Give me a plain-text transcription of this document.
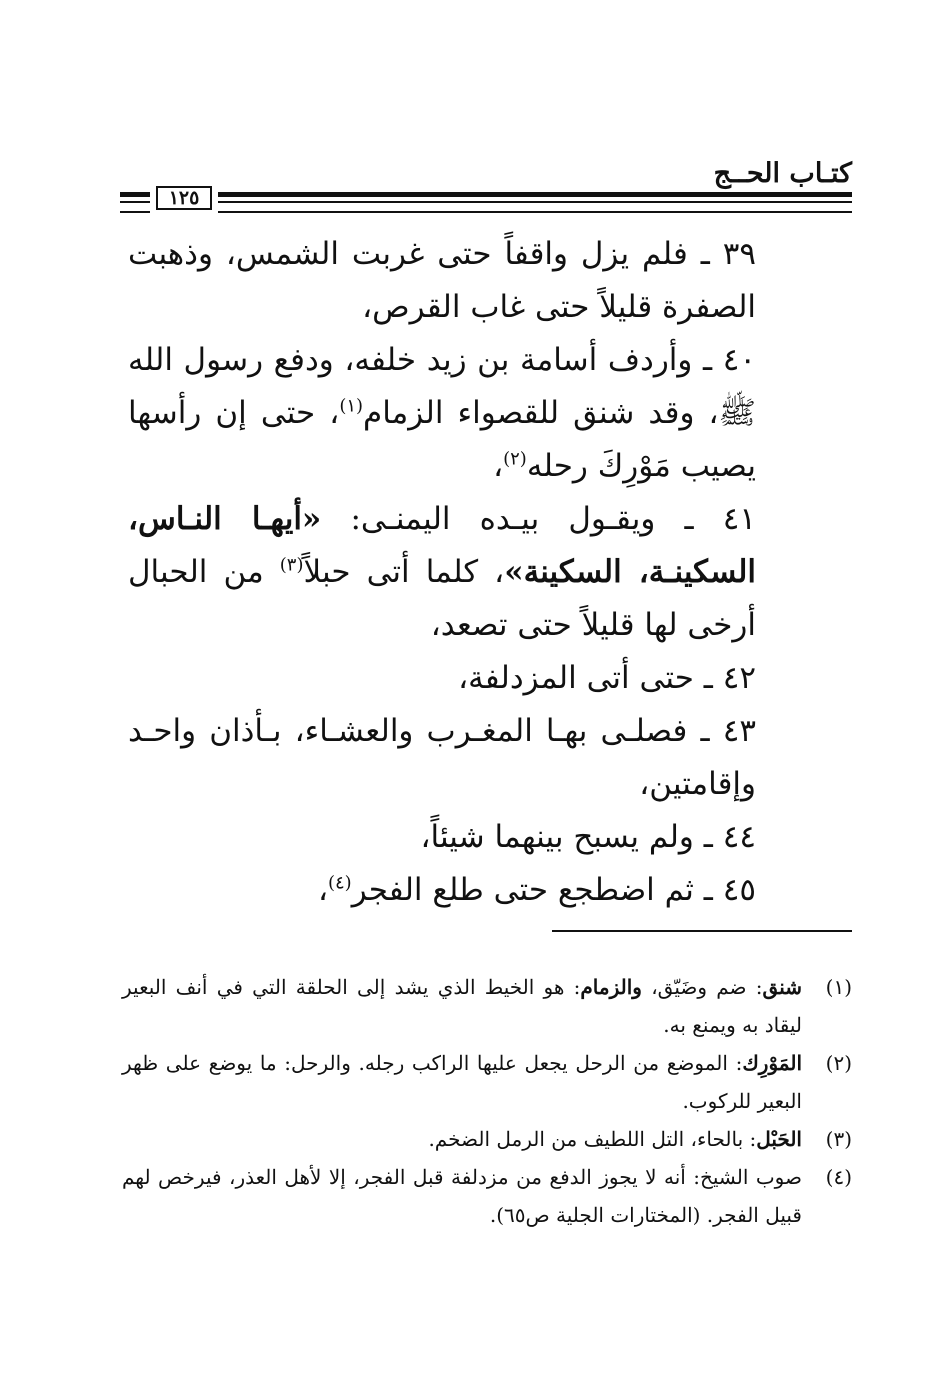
كتـاب الحــج
١٢٥

٣٩ ـ فلم يزل واقفاً حتى غربت الشمس، وذهبت الصفرة قليلاً حتى غاب القرص،

٤٠ ـ وأردف أسامة بن زيد خلفه، ودفع رسول الله ﷺ، وقد شنق للقصواء الزمام$^{(١)}$، حتى إن رأسها يصيب مَوْرِكَ رحله$^{(٢)}$،

٤١ ـ ويقـول بيـده اليمنـى: «أيهـا النـاس، السكينـة، السكينة»، كلما أتى حبلاً$^{(٣)}$ من الحبال أرخى لها قليلاً حتى تصعد،

٤٢ ـ حتى أتى المزدلفة،

٤٣ ـ فصلـى بهـا المغـرب والعشـاء، بـأذان واحـد وإقامتين،

٤٤ ـ ولم يسبح بينهما شيئاً،

٤٥ ـ ثم اضطجع حتى طلع الفجر$^{(٤)}$،

(١)
شنق: ضم وضَيّق، والزمام: هو الخيط الذي يشد إلى الحلقة التي في أنف البعير ليقاد به ويمنع به.
(٢)
المَوْرِك: الموضع من الرحل يجعل عليها الراكب رجله. والرحل: ما يوضع على ظهر البعير للركوب.
(٣)
الحَبْل: بالحاء، التل اللطيف من الرمل الضخم.
(٤)
صوب الشيخ: أنه لا يجوز الدفع من مزدلفة قبل الفجر، إلا لأهل العذر، فيرخص لهم قبيل الفجر. (المختارات الجلية ص٦٥).
